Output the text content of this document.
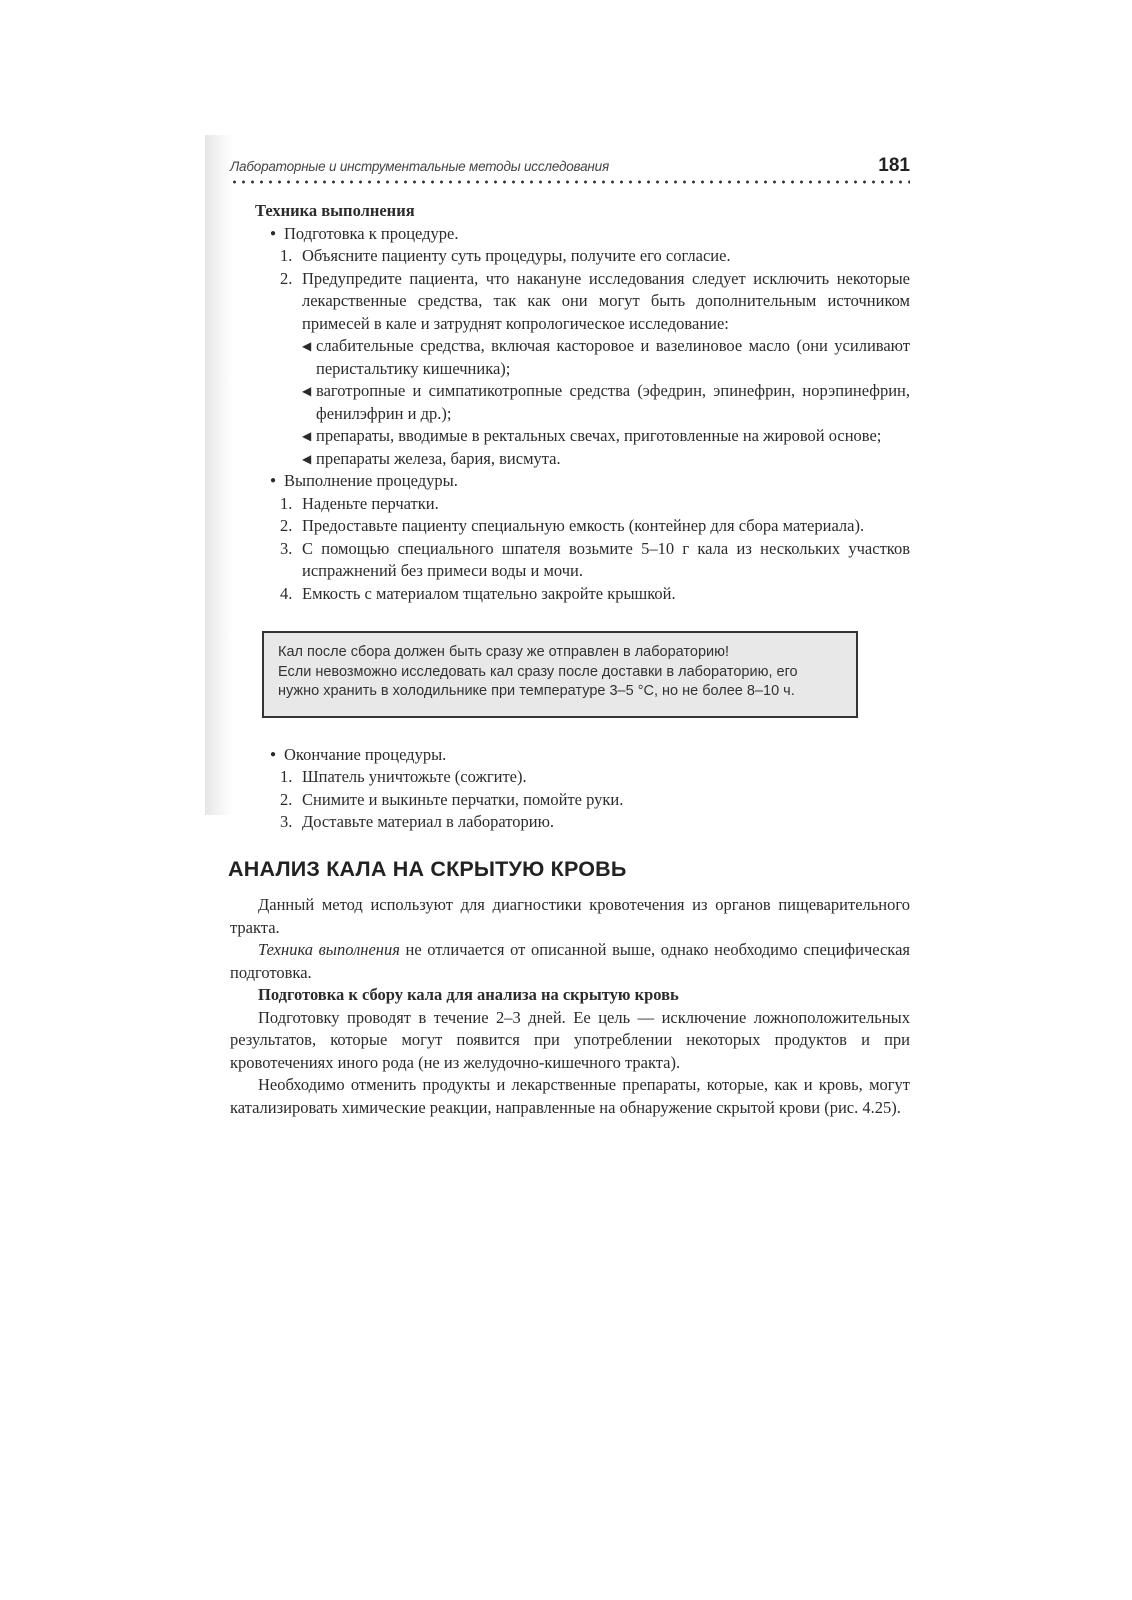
Лабораторные и инструментальные методы исследования	181
Техника выполнения
● Подготовка к процедуре.
1. Объясните пациенту суть процедуры, получите его согласие.
2. Предупредите пациента, что накануне исследования следует исключить некоторые лекарственные средства, так как они могут быть дополнительным источником примесей в кале и затруднят копрологическое исследование:
◀ слабительные средства, включая касторовое и вазелиновое масло (они усиливают перистальтику кишечника);
◀ ваготропные и симпатикотропные средства (эфедрин, эпинефрин, норэпинефрин, фенилэфрин и др.);
◀ препараты, вводимые в ректальных свечах, приготовленные на жировой основе;
◀ препараты железа, бария, висмута.
● Выполнение процедуры.
1. Наденьте перчатки.
2. Предоставьте пациенту специальную емкость (контейнер для сбора материала).
3. С помощью специального шпателя возьмите 5–10 г кала из нескольких участков испражнений без примеси воды и мочи.
4. Емкость с материалом тщательно закройте крышкой.
Кал после сбора должен быть сразу же отправлен в лабораторию!
Если невозможно исследовать кал сразу после доставки в лабораторию, его нужно хранить в холодильнике при температуре 3–5 °С, но не более 8–10 ч.
● Окончание процедуры.
1. Шпатель уничтожьте (сожгите).
2. Снимите и выкиньте перчатки, помойте руки.
3. Доставьте материал в лабораторию.
АНАЛИЗ КАЛА НА СКРЫТУЮ КРОВЬ

Данный метод используют для диагностики кровотечения из органов пищеварительного тракта.

Техника выполнения не отличается от описанной выше, однако необходимо специфическая подготовка.

Подготовка к сбору кала для анализа на скрытую кровь

Подготовку проводят в течение 2–3 дней. Ее цель — исключение ложноположительных результатов, которые могут появится при употреблении некоторых продуктов и при кровотечениях иного рода (не из желудочно-кишечного тракта).

Необходимо отменить продукты и лекарственные препараты, которые, как и кровь, могут катализировать химические реакции, направленные на обнаружение скрытой крови (рис. 4.25).
